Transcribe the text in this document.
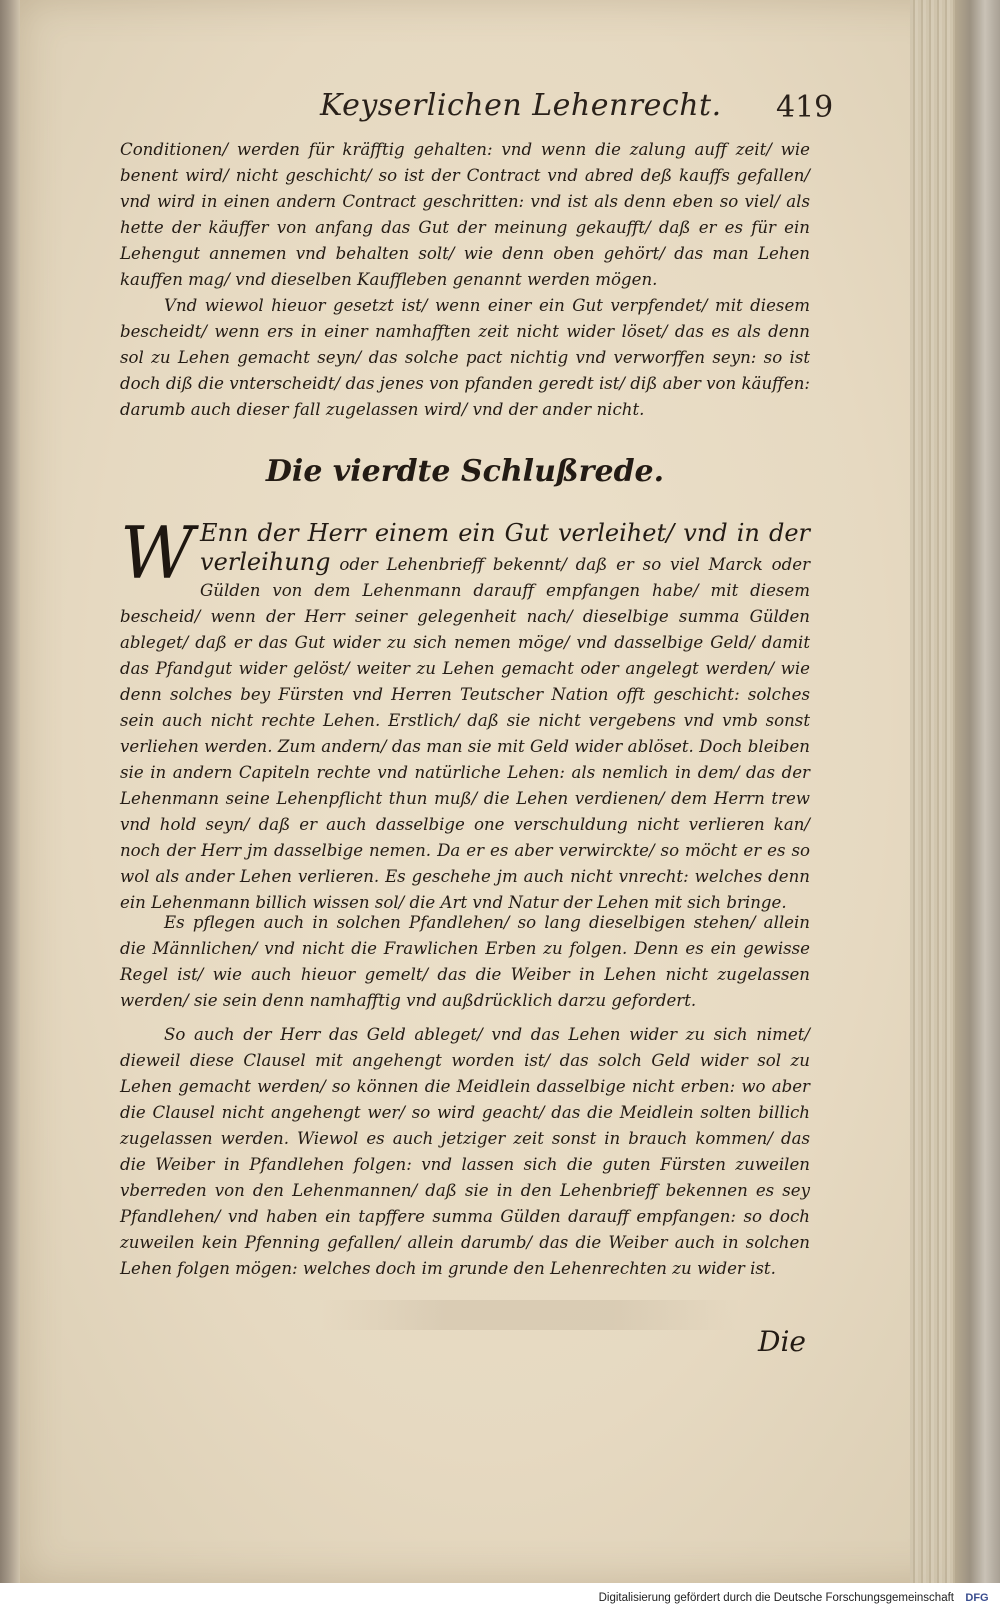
Keyserlichen Lehenrecht. 419

Conditionen/ werden für kräfftig gehalten: vnd wenn die zalung auff zeit/ wie benent wird/ nicht geschicht/ so ist der Contract vnd abred deß kauffs gefallen/ vnd wird in einen andern Contract geschritten: vnd ist als denn eben so viel/ als hette der käuffer von anfang das Gut der meinung gekaufft/ daß er es für ein Lehengut annemen vnd behalten solt/ wie denn oben gehört/ das man Lehen kauffen mag/ vnd dieselben Kauffleben genannt werden mögen.

Vnd wiewol hieuor gesetzt ist/ wenn einer ein Gut verpfendet/ mit diesem bescheidt/ wenn ers in einer namhafften zeit nicht wider löset/ das es als denn sol zu Lehen gemacht seyn/ das solche pact nichtig vnd verworffen seyn: so ist doch diß die vnterscheidt/ das jenes von pfanden geredt ist/ diß aber von käuffen: darumb auch dieser fall zugelassen wird/ vnd der ander nicht.

Die vierdte Schlußrede.

W Enn der Herr einem ein Gut verleihet/ vnd in der verleihung oder Lehenbrieff bekennt/ daß er so viel Marck oder Gülden von dem Lehenmann darauff empfangen habe/ mit diesem bescheid/ wenn der Herr seiner gelegenheit nach/ dieselbige summa Gülden ableget/ daß er das Gut wider zu sich nemen möge/ vnd dasselbige Geld/ damit das Pfandgut wider gelöst/ weiter zu Lehen gemacht oder angelegt werden/ wie denn solches bey Fürsten vnd Herren Teutscher Nation offt geschicht: solches sein auch nicht rechte Lehen. Erstlich/ daß sie nicht vergebens vnd vmb sonst verliehen werden. Zum andern/ das man sie mit Geld wider ablöset. Doch bleiben sie in andern Capiteln rechte vnd natürliche Lehen: als nemlich in dem/ das der Lehenmann seine Lehenpflicht thun muß/ die Lehen verdienen/ dem Herrn trew vnd hold seyn/ daß er auch dasselbige one verschuldung nicht verlieren kan/ noch der Herr jm dasselbige nemen. Da er es aber verwirckte/ so möcht er es so wol als ander Lehen verlieren. Es geschehe jm auch nicht vnrecht: welches denn ein Lehenmann billich wissen sol/ die Art vnd Natur der Lehen mit sich bringe.

Es pflegen auch in solchen Pfandlehen/ so lang dieselbigen stehen/ allein die Männlichen/ vnd nicht die Frawlichen Erben zu folgen. Denn es ein gewisse Regel ist/ wie auch hieuor gemelt/ das die Weiber in Lehen nicht zugelassen werden/ sie sein denn namhafftig vnd außdrücklich darzu gefordert.

So auch der Herr das Geld ableget/ vnd das Lehen wider zu sich nimet/ dieweil diese Clausel mit angehengt worden ist/ das solch Geld wider sol zu Lehen gemacht werden/ so können die Meidlein dasselbige nicht erben: wo aber die Clausel nicht angehengt wer/ so wird geacht/ das die Meidlein solten billich zugelassen werden. Wiewol es auch jetziger zeit sonst in brauch kommen/ das die Weiber in Pfandlehen folgen: vnd lassen sich die guten Fürsten zuweilen vberreden von den Lehenmannen/ daß sie in den Lehenbrieff bekennen es sey Pfandlehen/ vnd haben ein tapffere summa Gülden darauff empfangen: so doch zuweilen kein Pfenning gefallen/ allein darumb/ das die Weiber auch in solchen Lehen folgen mögen: welches doch im grunde den Lehenrechten zu wider ist.

Die
Digitalisierung gefördert durch die Deutsche Forschungsgemeinschaft	DFG
